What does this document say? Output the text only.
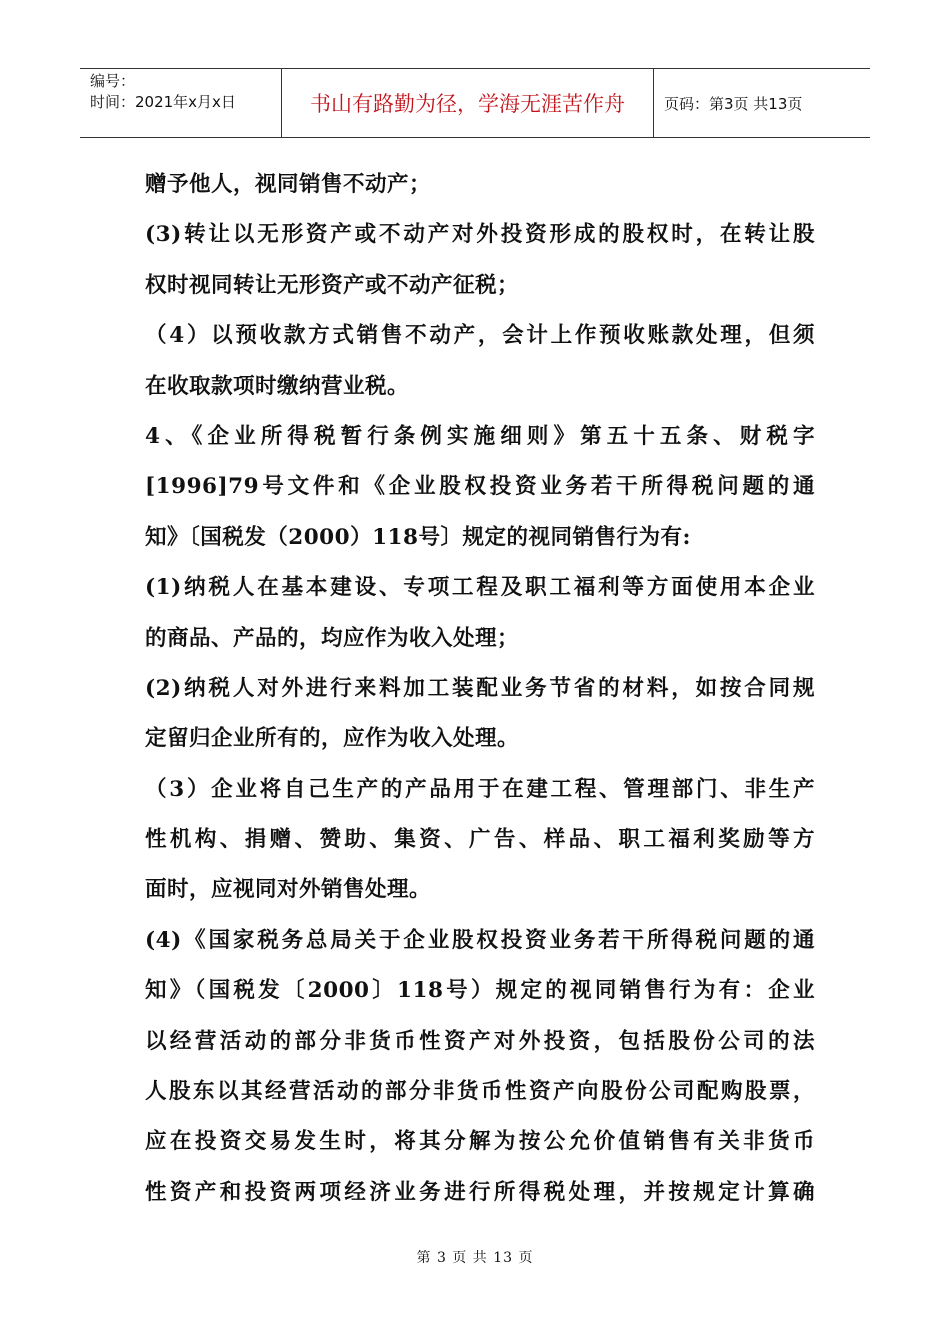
编号：
时间：2021年x月x日	书山有路勤为径，学海无涯苦作舟	页码：第3页 共13页
赠予他人，视同销售不动产；
(3)转让以无形资产或不动产对外投资形成的股权时，在转让股
权时视同转让无形资产或不动产征税；
（4）以预收款方式销售不动产，会计上作预收账款处理，但须
在收取款项时缴纳营业税。
4、《企业所得税暂行条例实施细则》第五十五条、财税字
[1996]79号文件和《企业股权投资业务若干所得税问题的通
知》〔国税发（2000）118号〕规定的视同销售行为有:
(1)纳税人在基本建设、专项工程及职工福利等方面使用本企业
的商品、产品的，均应作为收入处理；
(2)纳税人对外进行来料加工装配业务节省的材料，如按合同规
定留归企业所有的，应作为收入处理。
（3）企业将自己生产的产品用于在建工程、管理部门、非生产
性机构、捐赠、赞助、集资、广告、样品、职工福利奖励等方
面时，应视同对外销售处理。
(4)《国家税务总局关于企业股权投资业务若干所得税问题的通
知》（国税发〔2000〕118号）规定的视同销售行为有：企业
以经营活动的部分非货币性资产对外投资，包括股份公司的法
人股东以其经营活动的部分非货币性资产向股份公司配购股票，
应在投资交易发生时，将其分解为按公允价值销售有关非货币
性资产和投资两项经济业务进行所得税处理，并按规定计算确
第 3 页 共 13 页
